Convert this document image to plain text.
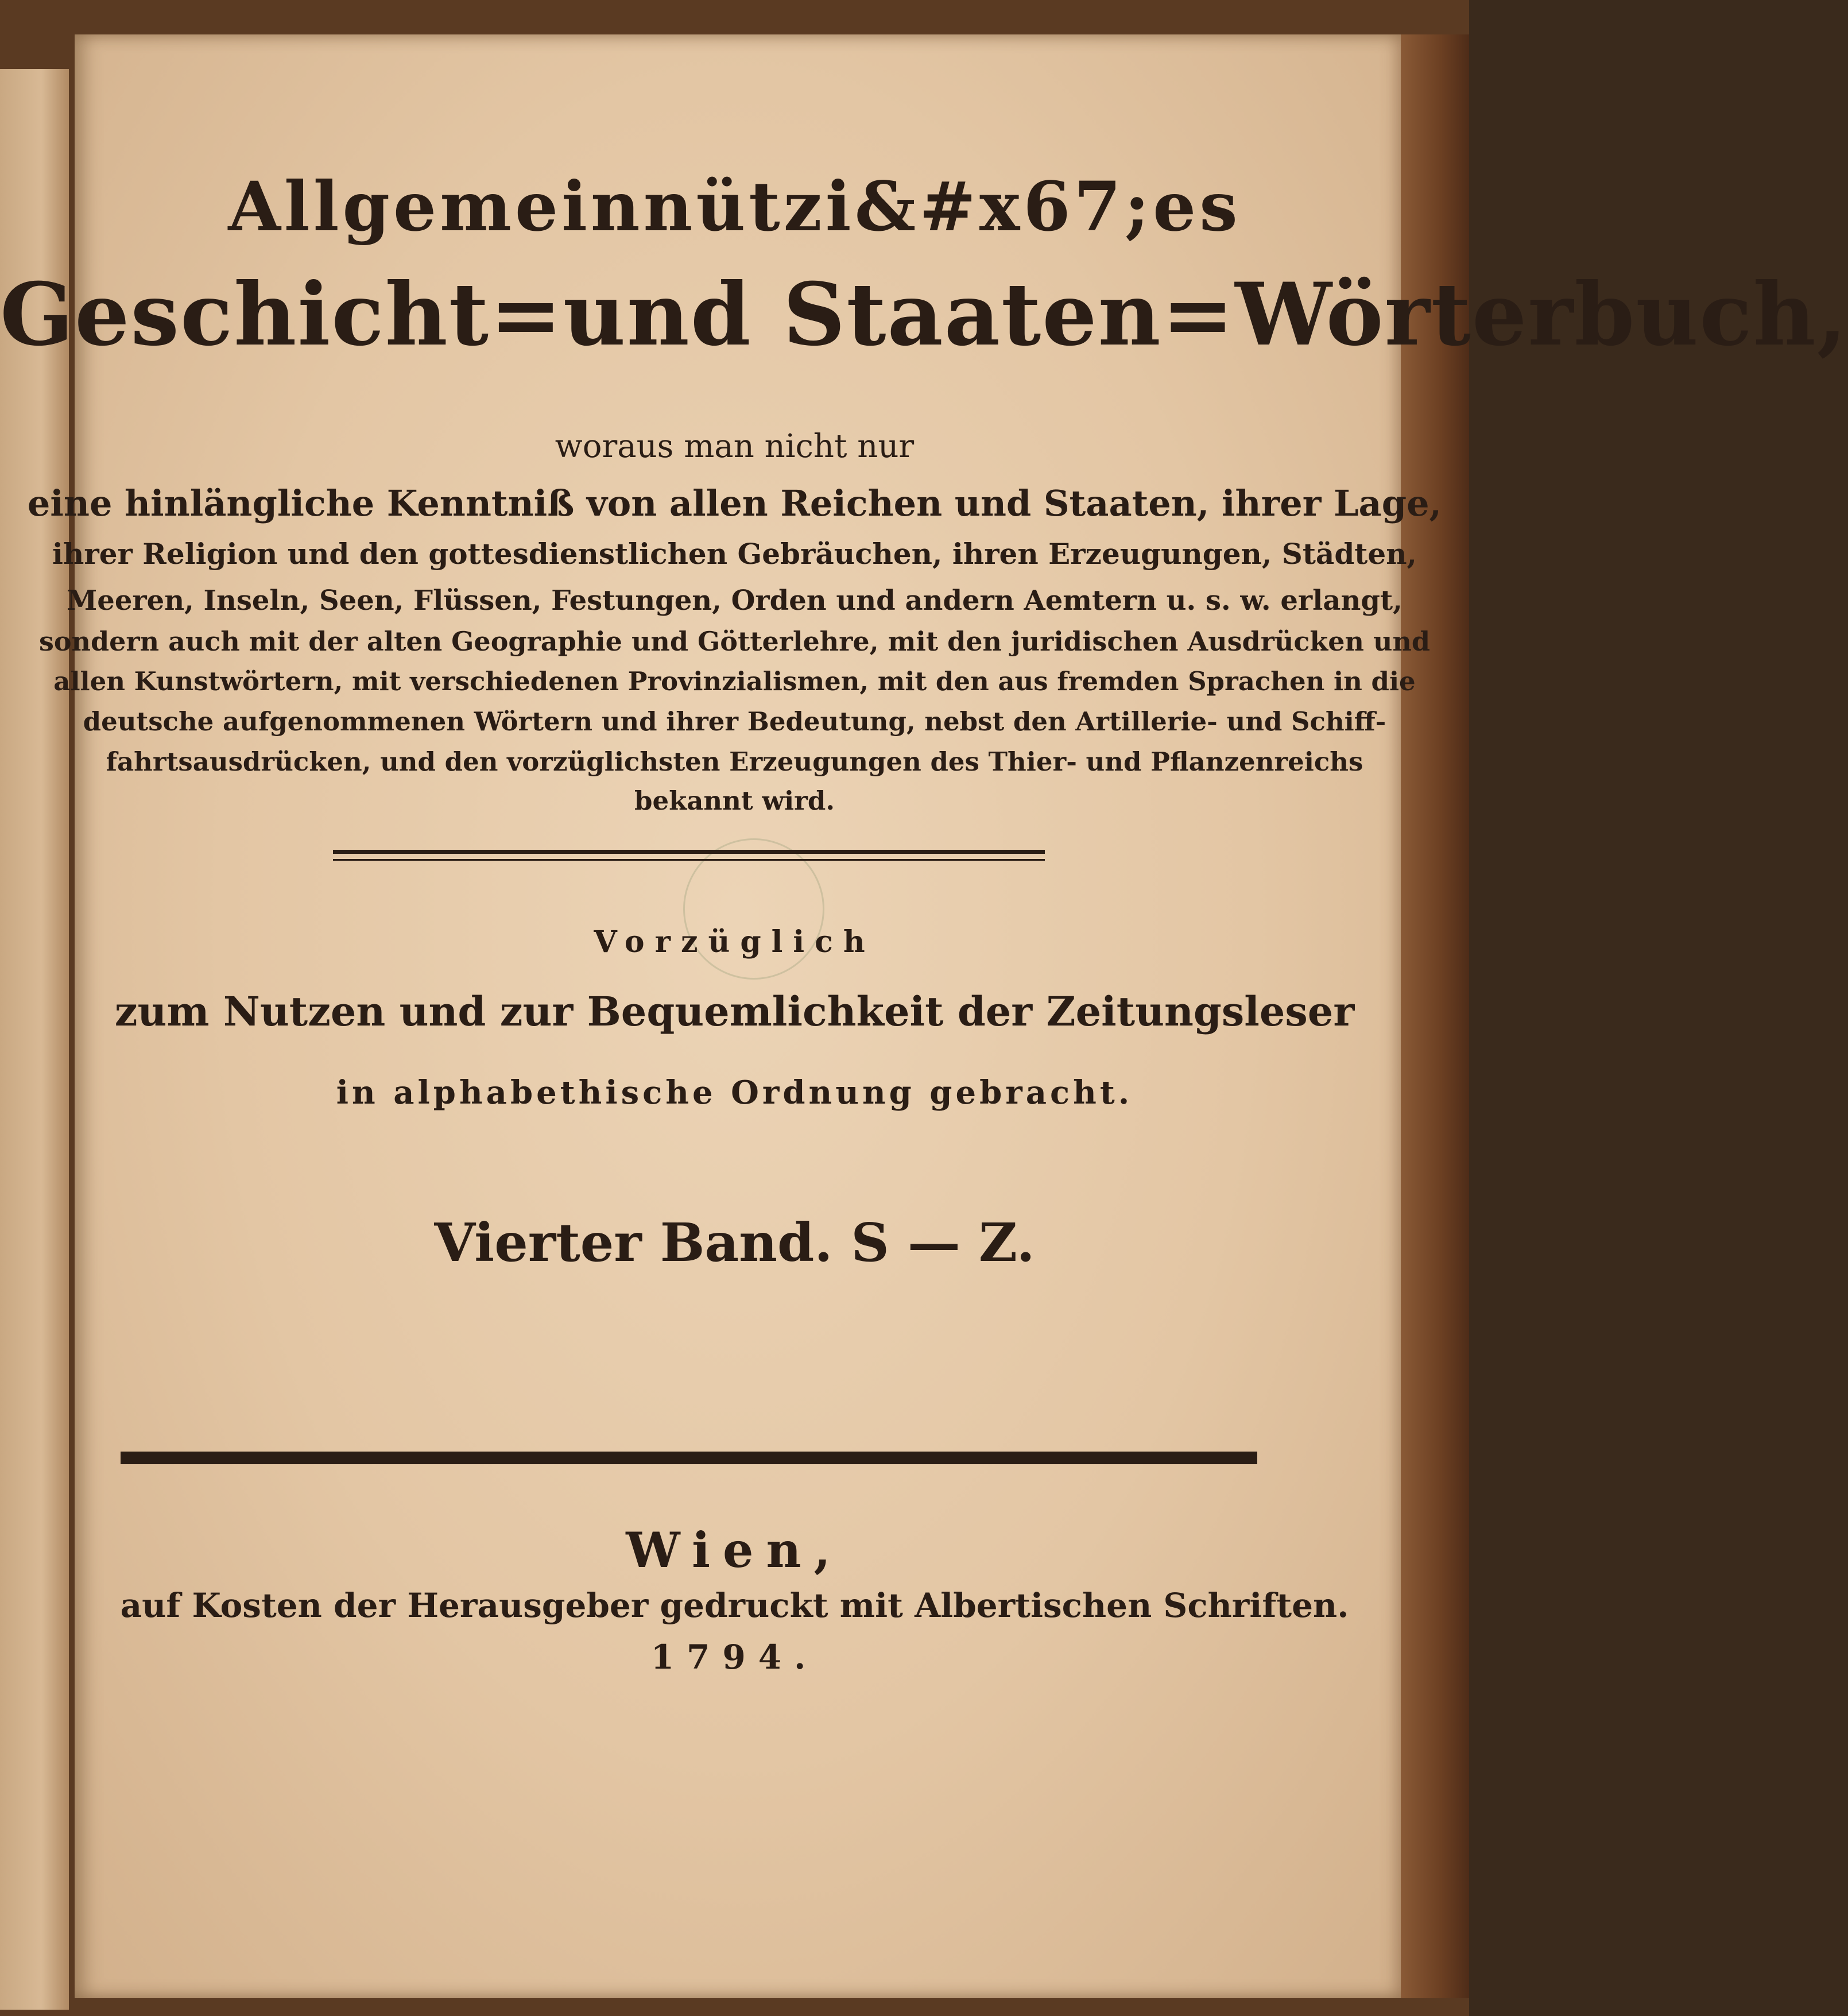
Allgemeinnützi&#x67;es
Geschicht=und Staaten=Wörterbuch,
woraus man nicht nur
eine hinlängliche Kenntniß von allen Reichen und Staaten, ihrer Lage,
ihrer Religion und den gottesdienstlichen Gebräuchen, ihren Erzeugungen, Städten,
Meeren, Inseln, Seen, Flüssen, Festungen, Orden und andern Aemtern u. s. w. erlangt,
sondern auch mit der alten Geographie und Götterlehre, mit den juridischen Ausdrücken und
allen Kunstwörtern, mit verschiedenen Provinzialismen, mit den aus fremden Sprachen in die
deutsche aufgenommenen Wörtern und ihrer Bedeutung, nebst den Artillerie- und Schiff-
fahrtsausdrücken, und den vorzüglichsten Erzeugungen des Thier- und Pflanzenreichs
bekannt wird.
Vorzüglich
zum Nutzen und zur Bequemlichkeit der Zeitungsleser
in alphabethische Ordnung gebracht.
Vierter Band. S — Z.
Wien,
auf Kosten der Herausgeber gedruckt mit Albertischen Schriften.
1794.
